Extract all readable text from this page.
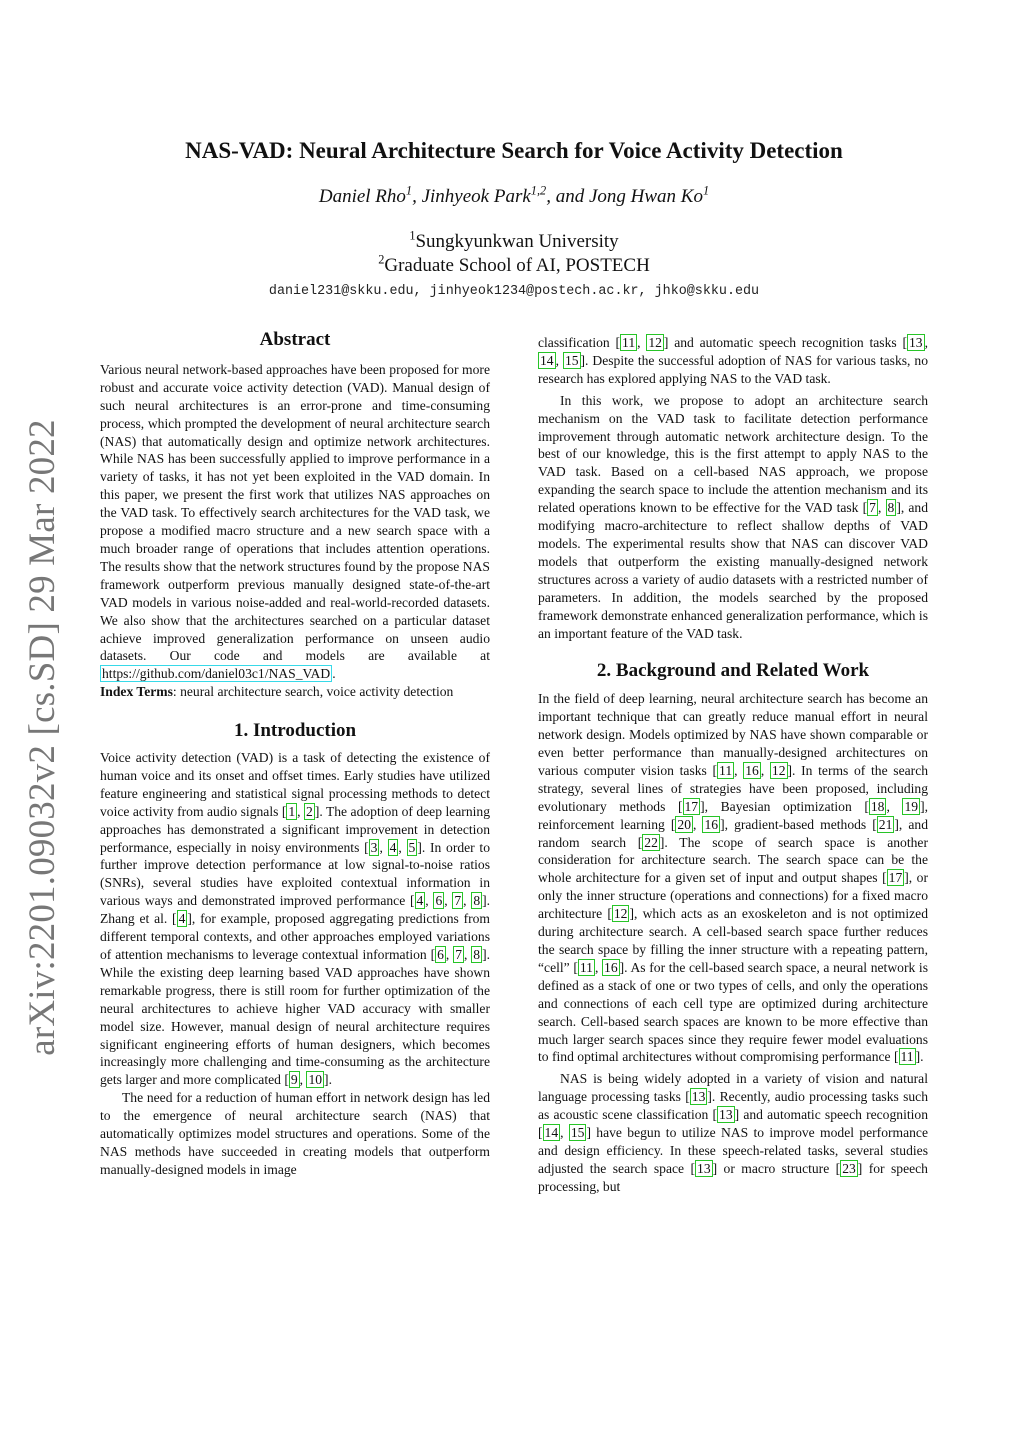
arXiv:2201.09032v2 [cs.SD] 29 Mar 2022
NAS-VAD: Neural Architecture Search for Voice Activity Detection
Daniel Rho$^1$, Jinhyeok Park$^{1,2}$, and Jong Hwan Ko$^1$
$^1$Sungkyunkwan University
$^2$Graduate School of AI, POSTECH
daniel231@skku.edu, jinhyeok1234@postech.ac.kr, jhko@skku.edu
Abstract

Various neural network-based approaches have been proposed for more robust and accurate voice activity detection (VAD). Manual design of such neural architectures is an error-prone and time-consuming process, which prompted the development of neural architecture search (NAS) that automatically design and optimize network architectures. While NAS has been successfully applied to improve performance in a variety of tasks, it has not yet been exploited in the VAD domain. In this paper, we present the first work that utilizes NAS approaches on the VAD task. To effectively search architectures for the VAD task, we propose a modified macro structure and a new search space with a much broader range of operations that includes attention operations. The results show that the network structures found by the propose NAS framework outperform previous manually designed state-of-the-art VAD models in various noise-added and real-world-recorded datasets. We also show that the architectures searched on a particular dataset achieve improved generalization performance on unseen audio datasets. Our code and models are available at https://github.com/daniel03c1/NAS_VAD .

Index Terms: neural architecture search, voice activity detection

1. Introduction

Voice activity detection (VAD) is a task of detecting the existence of human voice and its onset and offset times. Early studies have utilized feature engineering and statistical signal processing methods to detect voice activity from audio signals [ 1 , 2 ]. The adoption of deep learning approaches has demonstrated a significant improvement in detection performance, especially in noisy environments [ 3 , 4 , 5 ]. In order to further improve detection performance at low signal-to-noise ratios (SNRs), several studies have exploited contextual information in various ways and demonstrated improved performance [ 4 , 6 , 7 , 8 ]. Zhang et al. [ 4 ], for example, proposed aggregating predictions from different temporal contexts, and other approaches employed variations of attention mechanisms to leverage contextual information [ 6 , 7 , 8 ]. While the existing deep learning based VAD approaches have shown remarkable progress, there is still room for further optimization of the neural architectures to achieve higher VAD accuracy with smaller model size. However, manual design of neural architecture requires significant engineering efforts of human designers, which becomes increasingly more challenging and time-consuming as the architecture gets larger and more complicated [ 9 , 10 ].

The need for a reduction of human effort in network design has led to the emergence of neural architecture search (NAS) that automatically optimizes model structures and operations. Some of the NAS methods have succeeded in creating models that outperform manually-designed models in image

classification [ 11 , 12 ] and automatic speech recognition tasks [ 13 , 14 , 15 ]. Despite the successful adoption of NAS for various tasks, no research has explored applying NAS to the VAD task.

In this work, we propose to adopt an architecture search mechanism on the VAD task to facilitate detection performance improvement through automatic network architecture design. To the best of our knowledge, this is the first attempt to apply NAS to the VAD task. Based on a cell-based NAS approach, we propose expanding the search space to include the attention mechanism and its related operations known to be effective for the VAD task [ 7 , 8 ], and modifying macro-architecture to reflect shallow depths of VAD models. The experimental results show that NAS can discover VAD models that outperform the existing manually-designed network structures across a variety of audio datasets with a restricted number of parameters. In addition, the models searched by the proposed framework demonstrate enhanced generalization performance, which is an important feature of the VAD task.

2. Background and Related Work

In the field of deep learning, neural architecture search has become an important technique that can greatly reduce manual effort in neural network design. Models optimized by NAS have shown comparable or even better performance than manually-designed architectures on various computer vision tasks [ 11 , 16 , 12 ]. In terms of the search strategy, several lines of strategies have been proposed, including evolutionary methods [ 17 ], Bayesian optimization [ 18 , 19 ], reinforcement learning [ 20 , 16 ], gradient-based methods [ 21 ], and random search [ 22 ]. The scope of search space is another consideration for architecture search. The search space can be the whole architecture for a given set of input and output shapes [ 17 ], or only the inner structure (operations and connections) for a fixed macro architecture [ 12 ], which acts as an exoskeleton and is not optimized during architecture search. A cell-based search space further reduces the search space by filling the inner structure with a repeating pattern, “cell” [ 11 , 16 ]. As for the cell-based search space, a neural network is defined as a stack of one or two types of cells, and only the operations and connections of each cell type are optimized during architecture search. Cell-based search spaces are known to be more effective than much larger search spaces since they require fewer model evaluations to find optimal architectures without compromising performance [ 11 ].

NAS is being widely adopted in a variety of vision and natural language processing tasks [ 13 ]. Recently, audio processing tasks such as acoustic scene classification [ 13 ] and automatic speech recognition [ 14 , 15 ] have begun to utilize NAS to improve model performance and design efficiency. In these speech-related tasks, several studies adjusted the search space [ 13 ] or macro structure [ 23 ] for speech processing, but
